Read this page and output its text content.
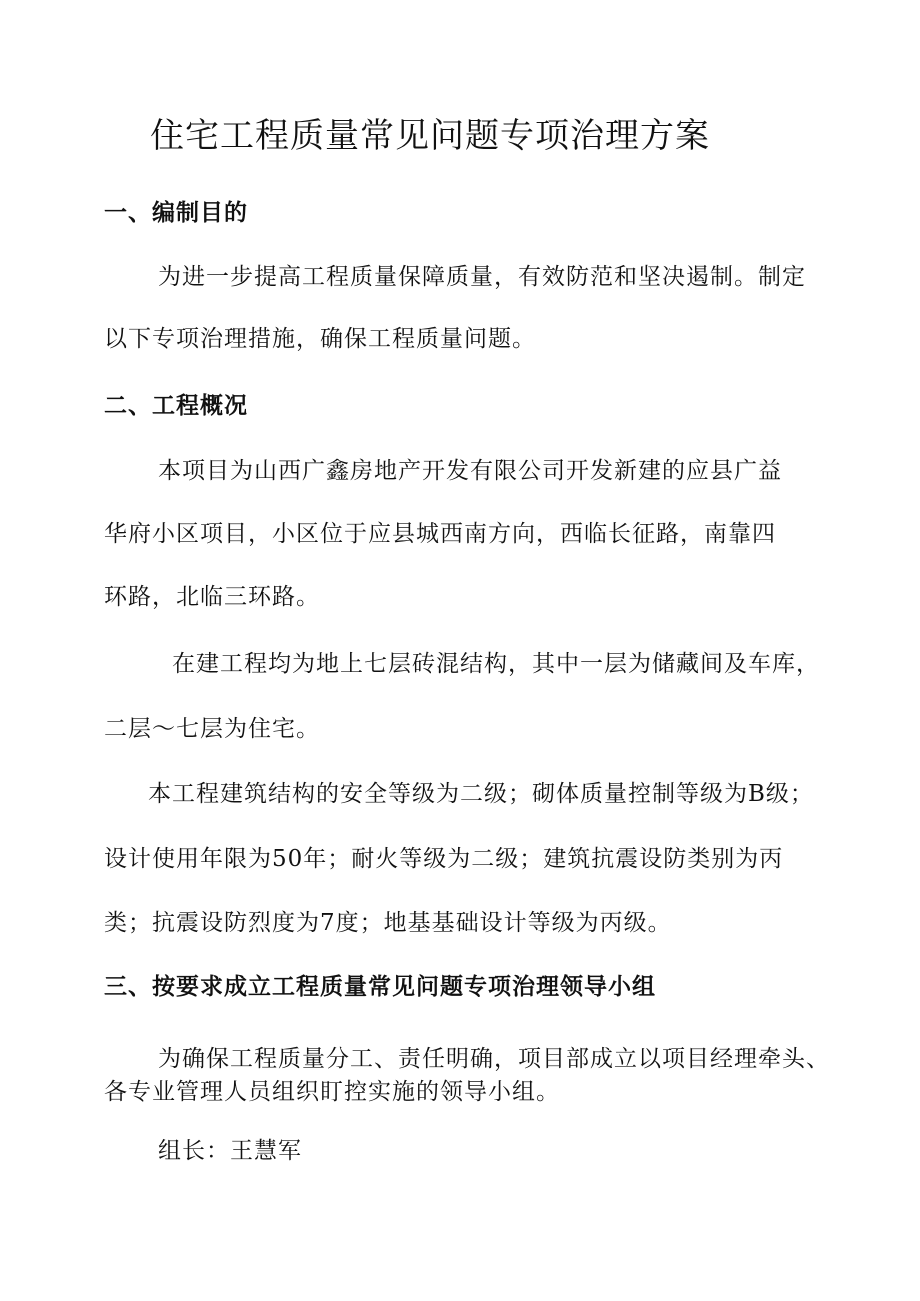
住宅工程质量常见问题专项治理方案
一、编制目的
为进一步提高工程质量保障质量，有效防范和坚决遏制。制定
以下专项治理措施，确保工程质量问题。
二、工程概况
本项目为山西广鑫房地产开发有限公司开发新建的应县广益
华府小区项目，小区位于应县城西南方向，西临长征路，南靠四
环路，北临三环路。
在建工程均为地上七层砖混结构，其中一层为储藏间及车库，
二层～七层为住宅。
本工程建筑结构的安全等级为二级；砌体质量控制等级为B级；
设计使用年限为50年；耐火等级为二级；建筑抗震设防类别为丙
类；抗震设防烈度为7度；地基基础设计等级为丙级。
三、按要求成立工程质量常见问题专项治理领导小组
为确保工程质量分工、责任明确，项目部成立以项目经理牵头、
各专业管理人员组织盯控实施的领导小组。
组长：王慧军
